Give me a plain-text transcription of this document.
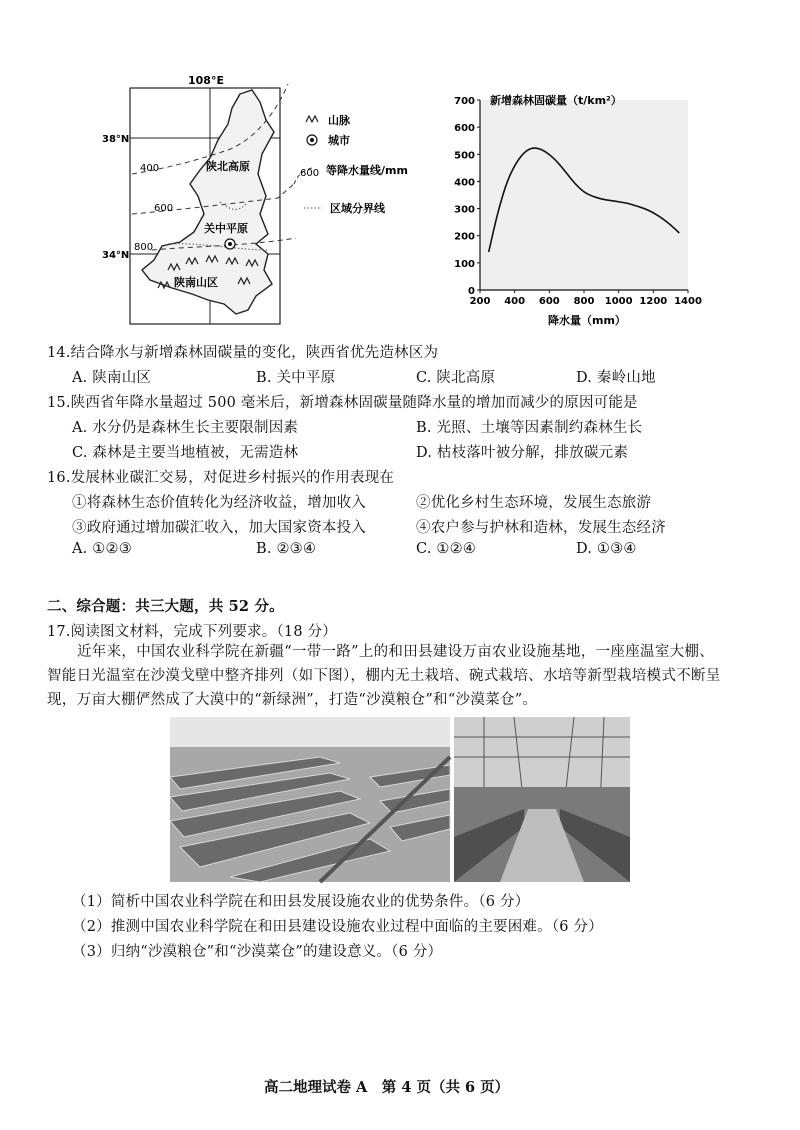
108°E
38°N
34°N
400
600
800
陕北高原
关中平原
陕南山区
山脉
城市
600 等降水量线/mm
区域分界线
200 400 600 800 1000 1200 1400
0
100
200
300
400
500
600
700 新增森林固碳量（t/km²）
降水量（mm）
14.结合降水与新增森林固碳量的变化，陕西省优先造林区为
A. 陕南山区	B. 关中平原	C. 陕北高原	D. 秦岭山地
15.陕西省年降水量超过 500 毫米后，新增森林固碳量随降水量的增加而减少的原因可能是
A. 水分仍是森林生长主要限制因素	B. 光照、土壤等因素制约森林生长
C. 森林是主要当地植被，无需造林	D. 枯枝落叶被分解，排放碳元素
16.发展林业碳汇交易，对促进乡村振兴的作用表现在
①将森林生态价值转化为经济收益，增加收入	②优化乡村生态环境，发展生态旅游
③政府通过增加碳汇收入，加大国家资本投入	④农户参与护林和造林，发展生态经济
A. ①②③	B. ②③④	C. ①②④	D. ①③④
二、综合题：共三大题，共 52 分。
17.阅读图文材料，完成下列要求。（18 分）
近年来，中国农业科学院在新疆“一带一路”上的和田县建设万亩农业设施基地，一座座温室大棚、
智能日光温室在沙漠戈壁中整齐排列（如下图），棚内无土栽培、碗式栽培、水培等新型栽培模式不断呈
现，万亩大棚俨然成了大漠中的“新绿洲”，打造“沙漠粮仓”和“沙漠菜仓”。
（1）简析中国农业科学院在和田县发展设施农业的优势条件。（6 分）
（2）推测中国农业科学院在和田县建设设施农业过程中面临的主要困难。（6 分）
（3）归纳“沙漠粮仓”和“沙漠菜仓”的建设意义。（6 分）
高二地理试卷 A　第 4 页（共 6 页）
